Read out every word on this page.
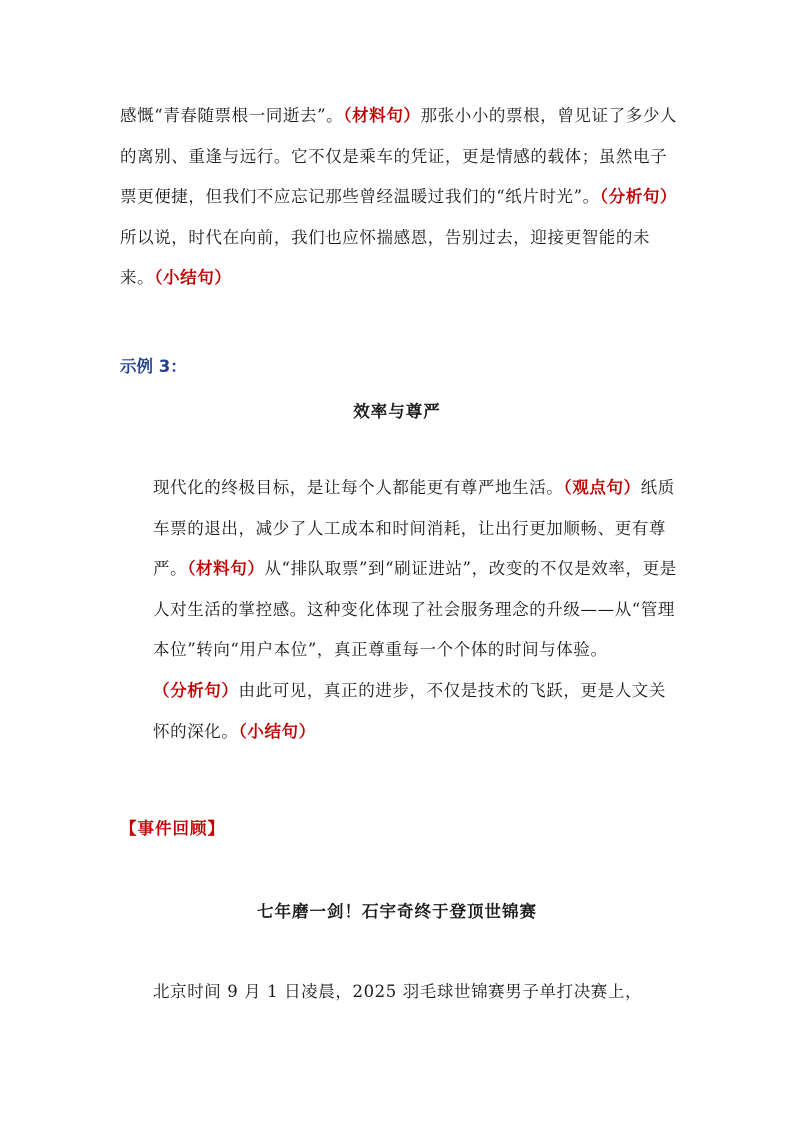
感慨“青春随票根一同逝去”。（材料句）那张小小的票根，曾见证了多少人的离别、重逢与远行。它不仅是乘车的凭证，更是情感的载体；虽然电子票更便捷，但我们不应忘记那些曾经温暖过我们的“纸片时光”。（分析句）所以说，时代在向前，我们也应怀揣感恩，告别过去，迎接更智能的未来。（小结句）
示例 3：
效率与尊严
现代化的终极目标，是让每个人都能更有尊严地生活。（观点句）纸质车票的退出，减少了人工成本和时间消耗，让出行更加顺畅、更有尊严。（材料句）从“排队取票”到“刷证进站”，改变的不仅是效率，更是人对生活的掌控感。这种变化体现了社会服务理念的升级——从“管理本位”转向“用户本位”，真正尊重每一个个体的时间与体验。（分析句）由此可见，真正的进步，不仅是技术的飞跃，更是人文关怀的深化。（小结句）
【事件回顾】
七年磨一剑！石宇奇终于登顶世锦赛
北京时间 9 月 1 日凌晨，2025 羽毛球世锦赛男子单打决赛上，
